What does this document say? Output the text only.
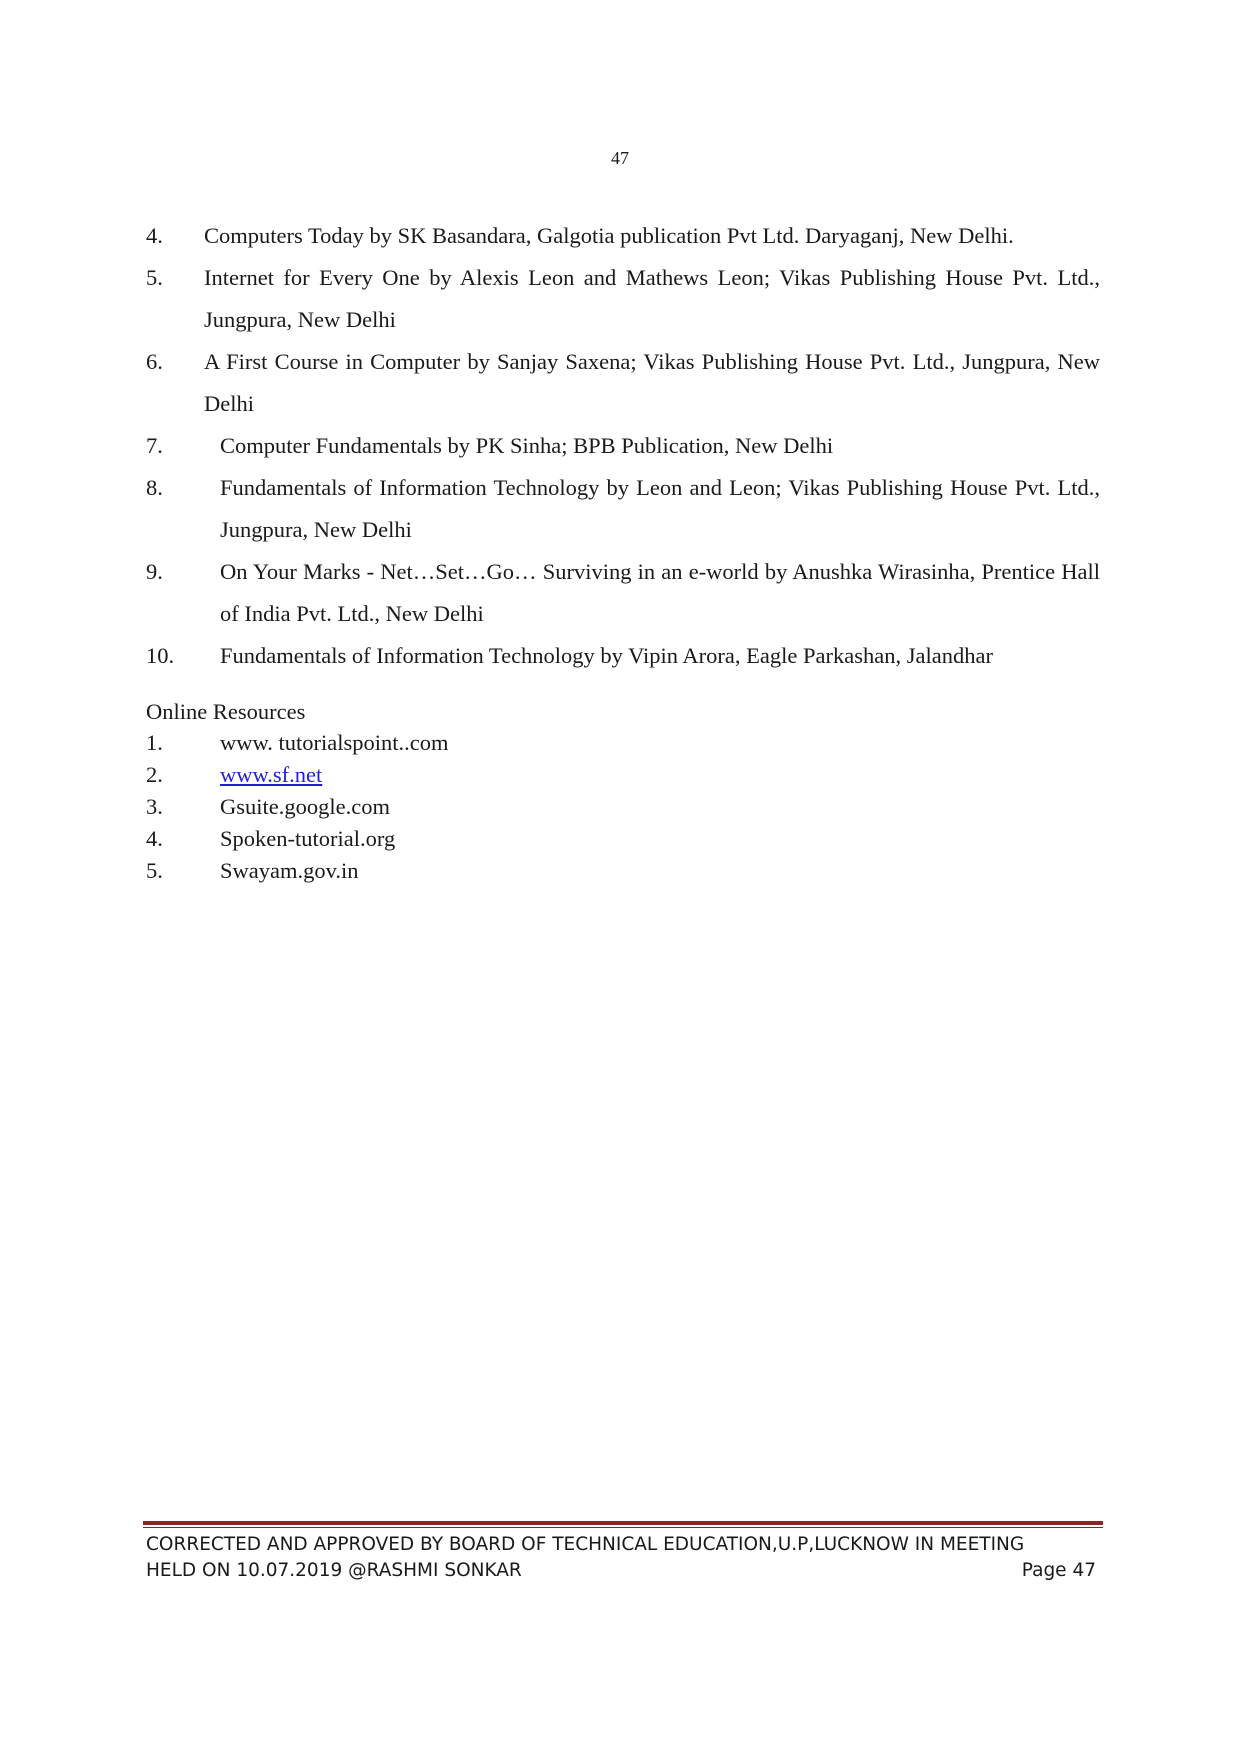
47
4.	Computers Today by SK Basandara, Galgotia publication Pvt Ltd. Daryaganj, New Delhi.
5.	Internet for Every One by Alexis Leon and Mathews Leon; Vikas Publishing House Pvt. Ltd., Jungpura, New Delhi
6.	A First Course in Computer by Sanjay Saxena; Vikas Publishing House Pvt. Ltd., Jungpura, New Delhi
7.	Computer Fundamentals by PK Sinha; BPB Publication, New Delhi
8.	Fundamentals of Information Technology by Leon and Leon; Vikas Publishing House Pvt. Ltd., Jungpura, New Delhi
9.	On Your Marks - Net…Set…Go… Surviving in an e-world by Anushka Wirasinha, Prentice Hall of India Pvt. Ltd., New Delhi
10.	Fundamentals of Information Technology by Vipin Arora, Eagle Parkashan, Jalandhar
Online Resources
1.	www. tutorialspoint..com
2.	www.sf.net
3.	Gsuite.google.com
4.	Spoken-tutorial.org
5.	Swayam.gov.in
CORRECTED AND APPROVED BY BOARD OF TECHNICAL EDUCATION,U.P,LUCKNOW IN MEETING
HELD ON 10.07.2019 @RASHMI SONKAR	Page 47
